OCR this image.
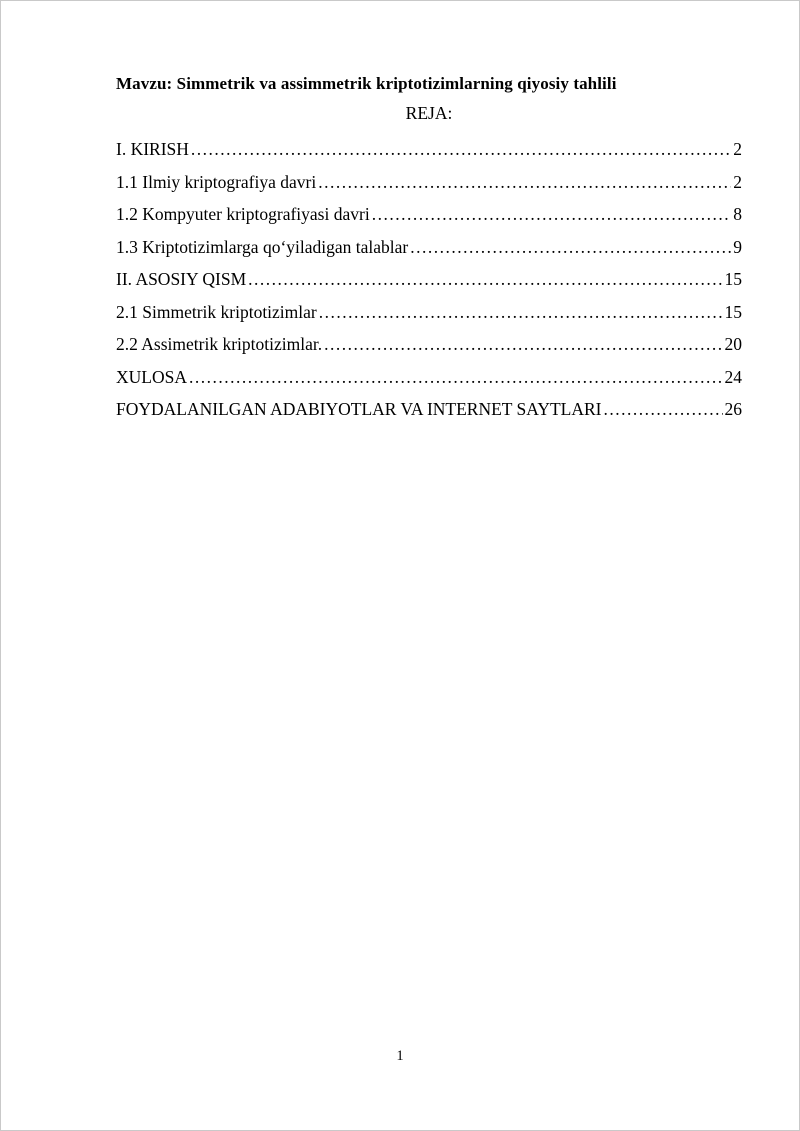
Mavzu: Simmetrik va assimmetrik kriptotizimlarning qiyosiy tahlili
REJA:
I. KIRISH .....	2
1.1 Ilmiy kriptografiya davri .....	2
1.2 Kompyuter kriptografiyasi davri .....	8
1.3 Kriptotizimlarga qo‘yiladigan talablar .....	9
II. ASOSIY QISM .....	15
2.1 Simmetrik kriptotizimlar .....	15
2.2 Assimetrik kriptotizimlar. .....	20
XULOSA .....	24
FOYDALANILGAN ADABIYOTLAR VA INTERNET SAYTLARI .....	26
1
